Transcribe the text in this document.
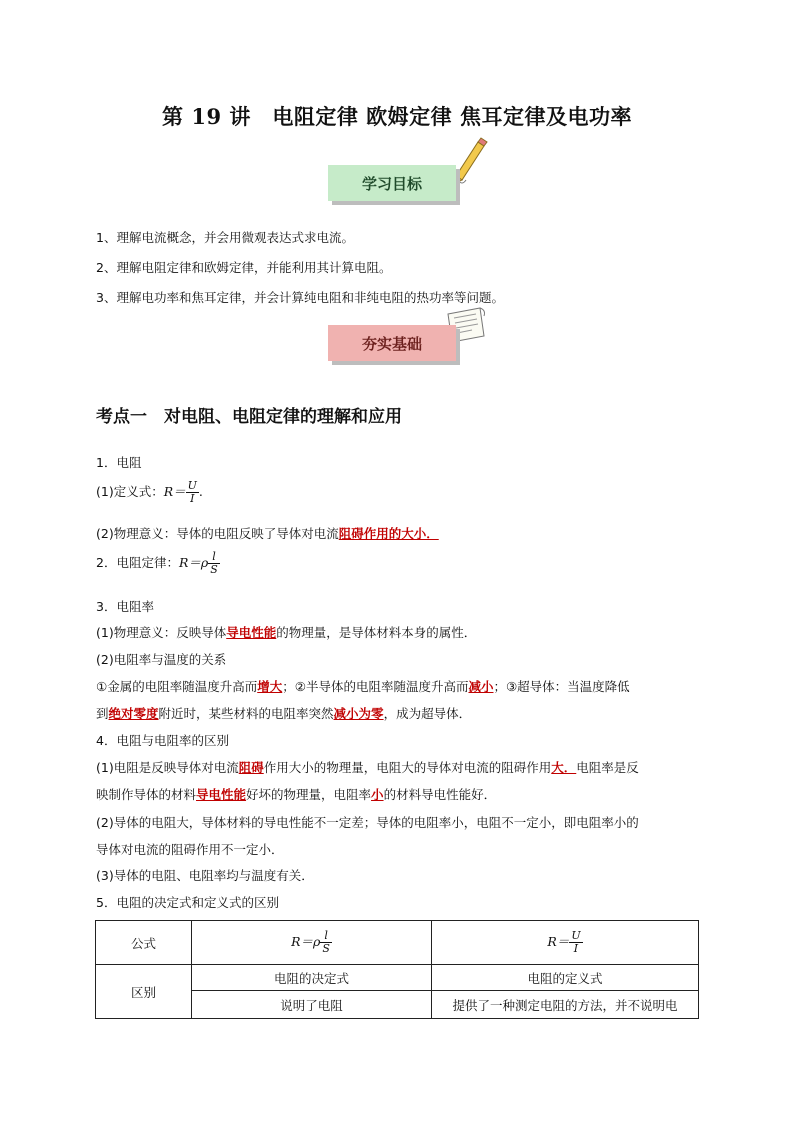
第 19 讲　电阻定律 欧姆定律 焦耳定律及电功率
学习目标
1、理解电流概念，并会用微观表达式求电流。
2、理解电阻定律和欧姆定律，并能利用其计算电阻。
3、理解电功率和焦耳定律，并会计算纯电阻和非纯电阻的热功率等问题。
夯实基础
考点一　对电阻、电阻定律的理解和应用
1．电阻
(1)定义式：$R= \frac{U}{I}$ .
(2)物理意义：导体的电阻反映了导体对电流阻碍作用的大小．
2．电阻定律：$R=\rho \frac{l}{S}$
3．电阻率
(1)物理意义：反映导体导电性能的物理量，是导体材料本身的属性．
(2)电阻率与温度的关系
①金属的电阻率随温度升高而增大；②半导体的电阻率随温度升高而减小；③超导体：当温度降低
到绝对零度附近时，某些材料的电阻率突然减小为零，成为超导体．
4．电阻与电阻率的区别
(1)电阻是反映导体对电流阻碍作用大小的物理量，电阻大的导体对电流的阻碍作用大．电阻率是反
映制作导体的材料导电性能好坏的物理量，电阻率小的材料导电性能好．
(2)导体的电阻大，导体材料的导电性能不一定差；导体的电阻率小，电阻不一定小，即电阻率小的
导体对电流的阻碍作用不一定小．
(3)导体的电阻、电阻率均与温度有关．
5．电阻的决定式和定义式的区别
公式	$R=\rho \frac{l}{S}$	$R= \frac{U}{I}$

区别	电阻的决定式	电阻的定义式
	说明了电阻	提供了一种测定电阻的方法，并不说明电
